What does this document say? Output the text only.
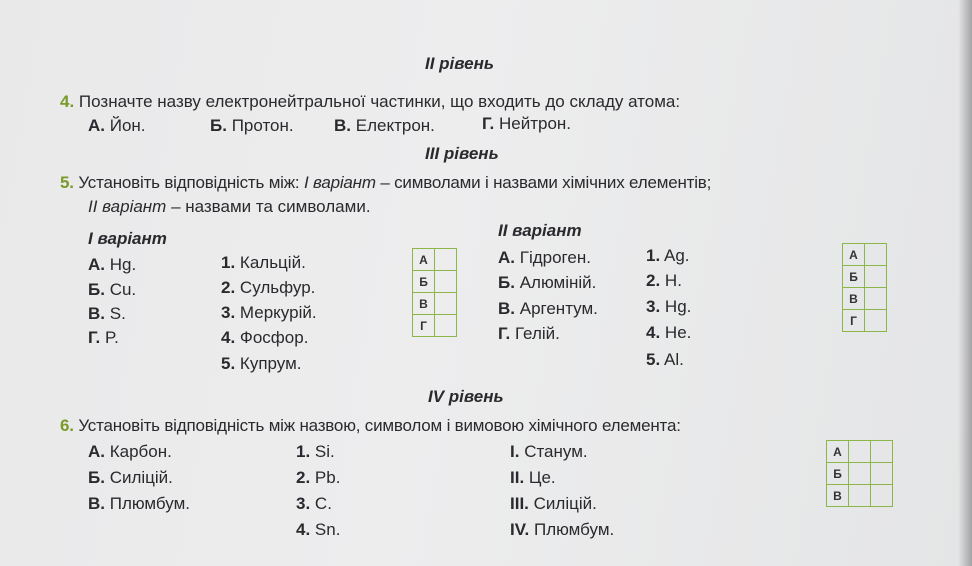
II рівень
4. Позначте назву електронейтральної частинки, що входить до складу атома:
А. Йон.	Б. Протон. В. Електрон.	Г. Нейтрон.
III рівень
5. Установіть відповідність між: I варіант – символами і назвами хімічних елементів;
II варіант – назвами та символами.
I варіант
А. Hg.
Б. Cu.
В. S.
Г. P.
1. Кальцій.
2. Сульфур.
3. Меркурій.
4. Фосфор.
5. Купрум.
А	
Б	
В	
Г	
II варіант
А. Гідроген.
Б. Алюміній.
В. Аргентум.
Г. Гелій.
1. Ag.
2. H.
3. Hg.
4. He.
5. Al.
А	
Б	
В	
Г	
IV рівень
6. Установіть відповідність між назвою, символом і вимовою хімічного елемента:
А. Карбон.
Б. Силіцій.
В. Плюмбум.
1. Si.
2. Pb.
3. C.
4. Sn.
I. Станум.
II. Це.
III. Силіцій.
IV. Плюмбум.
А		
Б		
В		
